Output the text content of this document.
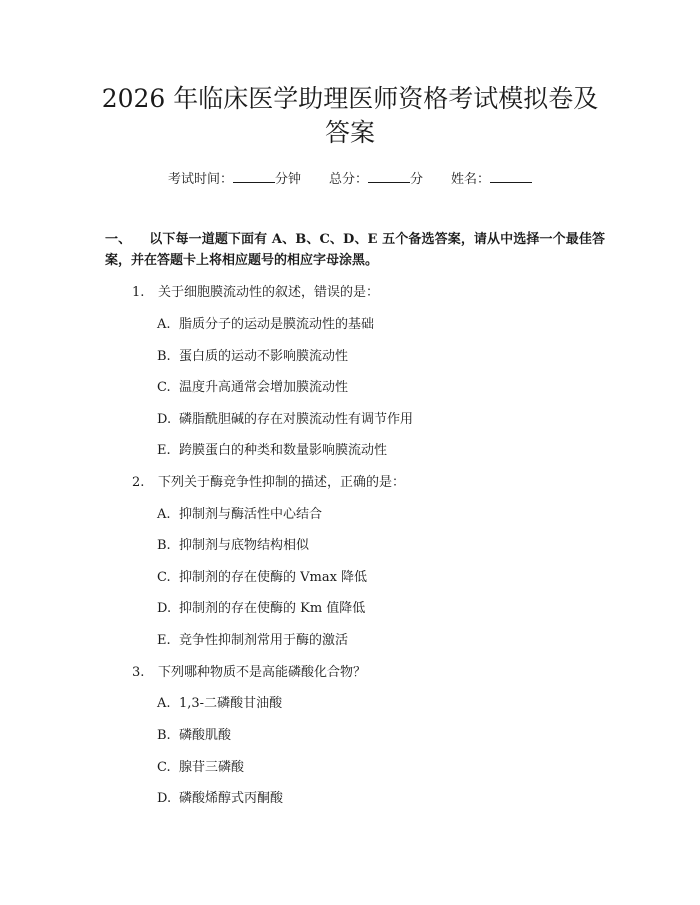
2026 年临床医学助理医师资格考试模拟卷及
答案
考试时间：	分钟 总分：	分 姓名：

一、 以下每一道题下面有 A、B、C、D、E 五个备选答案，请从中选择一个最佳答案，并在答题卡上将相应题号的相应字母涂黑。

1. 关于细胞膜流动性的叙述，错误的是：
A. 脂质分子的运动是膜流动性的基础
B. 蛋白质的运动不影响膜流动性
C. 温度升高通常会增加膜流动性
D. 磷脂酰胆碱的存在对膜流动性有调节作用
E. 跨膜蛋白的种类和数量影响膜流动性
2. 下列关于酶竞争性抑制的描述，正确的是：
A. 抑制剂与酶活性中心结合
B. 抑制剂与底物结构相似
C. 抑制剂的存在使酶的 Vmax 降低
D. 抑制剂的存在使酶的 Km 值降低
E. 竞争性抑制剂常用于酶的激活
3. 下列哪种物质不是高能磷酸化合物？
A. 1,3-二磷酸甘油酸
B. 磷酸肌酸
C. 腺苷三磷酸
D. 磷酸烯醇式丙酮酸
